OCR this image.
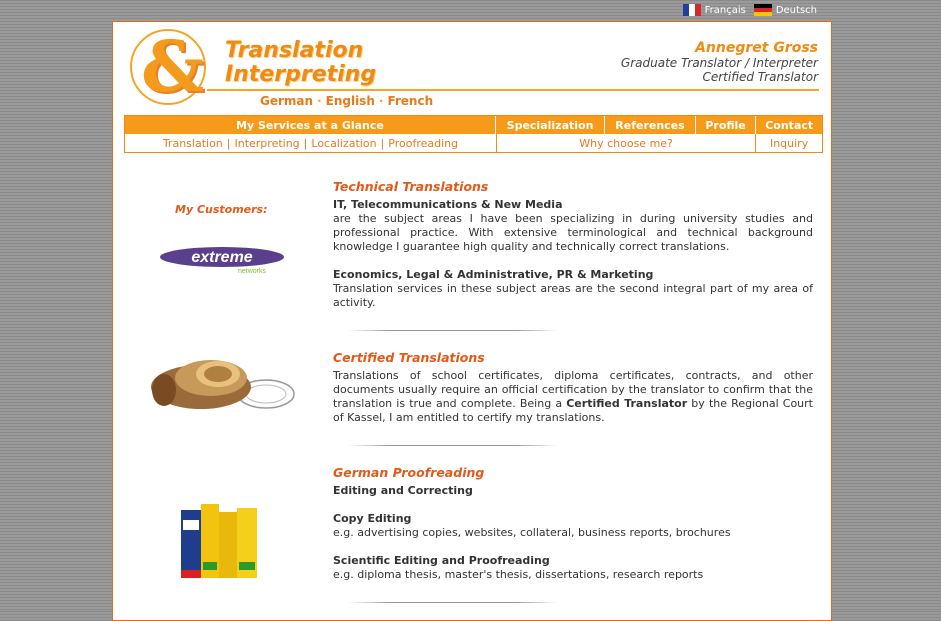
Français	Deutsch
& Translation
Interpreting
German · English · French
Annegret Gross
Graduate Translator / Interpreter
Certified Translator
My Services at a Glance	Specialization	References	Profile	Contact
Translation | Interpreting | Localization | Proofreading	Why choose me?	Inquiry
My Customers:
extreme
networks
Technical Translations
IT, Telecommunications & New Media

are the subject areas I have been specializing in during university studies and professional practice. With extensive terminological and technical background knowledge I guarantee high quality and technically correct translations.

Economics, Legal & Administrative, PR & Marketing

Translation services in these subject areas are the second integral part of my area of activity.

Certified Translations

Translations of school certificates, diploma certificates, contracts, and other documents usually require an official certification by the translator to confirm that the translation is true and complete. Being a Certified Translator by the Regional Court of Kassel, I am entitled to certify my translations.

German Proofreading
Editing and Correcting
Copy Editing

e.g. advertising copies, websites, collateral, business reports, brochures

Scientific Editing and Proofreading

e.g. diploma thesis, master's thesis, dissertations, research reports
